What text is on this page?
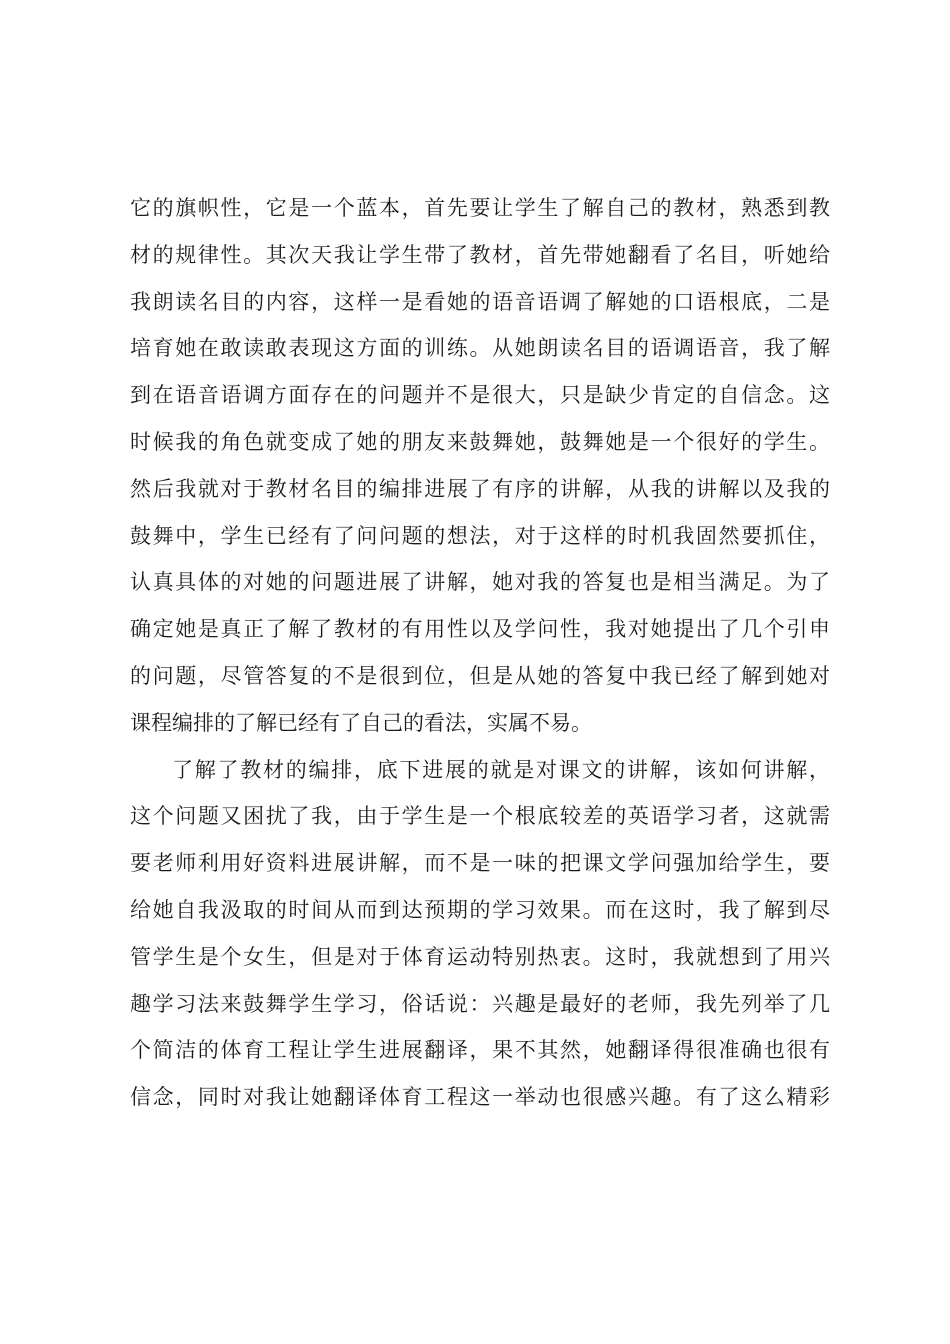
它的旗帜性，它是一个蓝本，首先要让学生了解自己的教材，熟悉到教
材的规律性。其次天我让学生带了教材，首先带她翻看了名目，听她给
我朗读名目的内容，这样一是看她的语音语调了解她的口语根底，二是
培育她在敢读敢表现这方面的训练。从她朗读名目的语调语音，我了解
到在语音语调方面存在的问题并不是很大，只是缺少肯定的自信念。这
时候我的角色就变成了她的朋友来鼓舞她，鼓舞她是一个很好的学生。
然后我就对于教材名目的编排进展了有序的讲解，从我的讲解以及我的
鼓舞中，学生已经有了问问题的想法，对于这样的时机我固然要抓住，
认真具体的对她的问题进展了讲解，她对我的答复也是相当满足。为了
确定她是真正了解了教材的有用性以及学问性，我对她提出了几个引申
的问题，尽管答复的不是很到位，但是从她的答复中我已经了解到她对
课程编排的了解已经有了自己的看法，实属不易。
了解了教材的编排，底下进展的就是对课文的讲解，该如何讲解，
这个问题又困扰了我，由于学生是一个根底较差的英语学习者，这就需
要老师利用好资料进展讲解，而不是一味的把课文学问强加给学生，要
给她自我汲取的时间从而到达预期的学习效果。而在这时，我了解到尽
管学生是个女生，但是对于体育运动特别热衷。这时，我就想到了用兴
趣学习法来鼓舞学生学习，俗话说：兴趣是最好的老师，我先列举了几
个简洁的体育工程让学生进展翻译，果不其然，她翻译得很准确也很有
信念，同时对我让她翻译体育工程这一举动也很感兴趣。有了这么精彩
